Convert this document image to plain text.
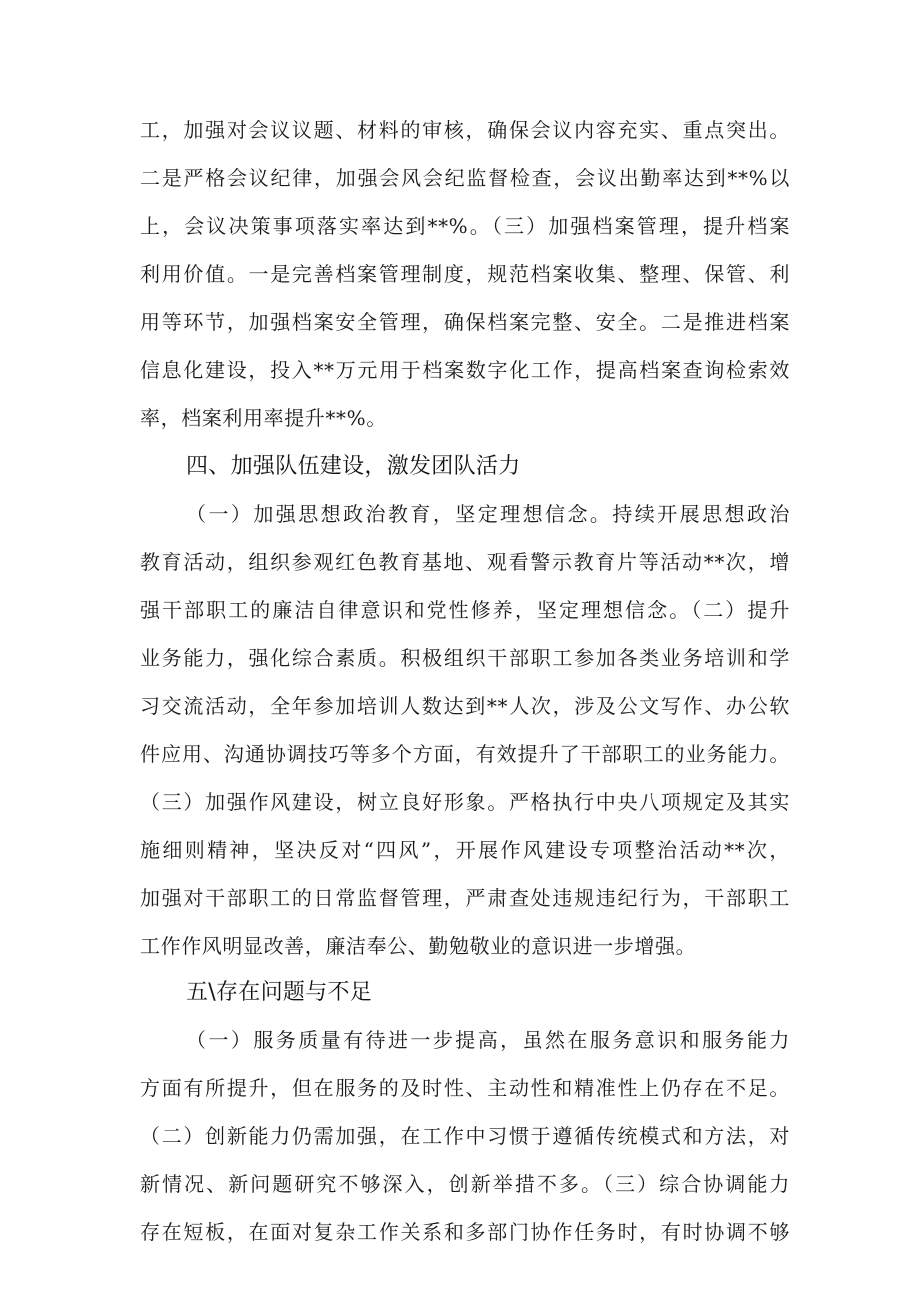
工，加强对会议议题、材料的审核，确保会议内容充实、重点突出。
二是严格会议纪律，加强会风会纪监督检查，会议出勤率达到**%以
上，会议决策事项落实率达到**%。（三）加强档案管理，提升档案
利用价值。一是完善档案管理制度，规范档案收集、整理、保管、利
用等环节，加强档案安全管理，确保档案完整、安全。二是推进档案
信息化建设，投入**万元用于档案数字化工作，提高档案查询检索效
率，档案利用率提升**%。
四、加强队伍建设，激发团队活力
（一）加强思想政治教育，坚定理想信念。持续开展思想政治
教育活动，组织参观红色教育基地、观看警示教育片等活动**次，增
强干部职工的廉洁自律意识和党性修养，坚定理想信念。（二）提升
业务能力，强化综合素质。积极组织干部职工参加各类业务培训和学
习交流活动，全年参加培训人数达到**人次，涉及公文写作、办公软
件应用、沟通协调技巧等多个方面，有效提升了干部职工的业务能力。
（三）加强作风建设，树立良好形象。严格执行中央八项规定及其实
施细则精神，坚决反对“四风”，开展作风建设专项整治活动**次，
加强对干部职工的日常监督管理，严肃查处违规违纪行为，干部职工
工作作风明显改善，廉洁奉公、勤勉敬业的意识进一步增强。
五\存在问题与不足
（一）服务质量有待进一步提高，虽然在服务意识和服务能力
方面有所提升，但在服务的及时性、主动性和精准性上仍存在不足。
（二）创新能力仍需加强，在工作中习惯于遵循传统模式和方法，对
新情况、新问题研究不够深入，创新举措不多。（三）综合协调能力
存在短板，在面对复杂工作关系和多部门协作任务时，有时协调不够
